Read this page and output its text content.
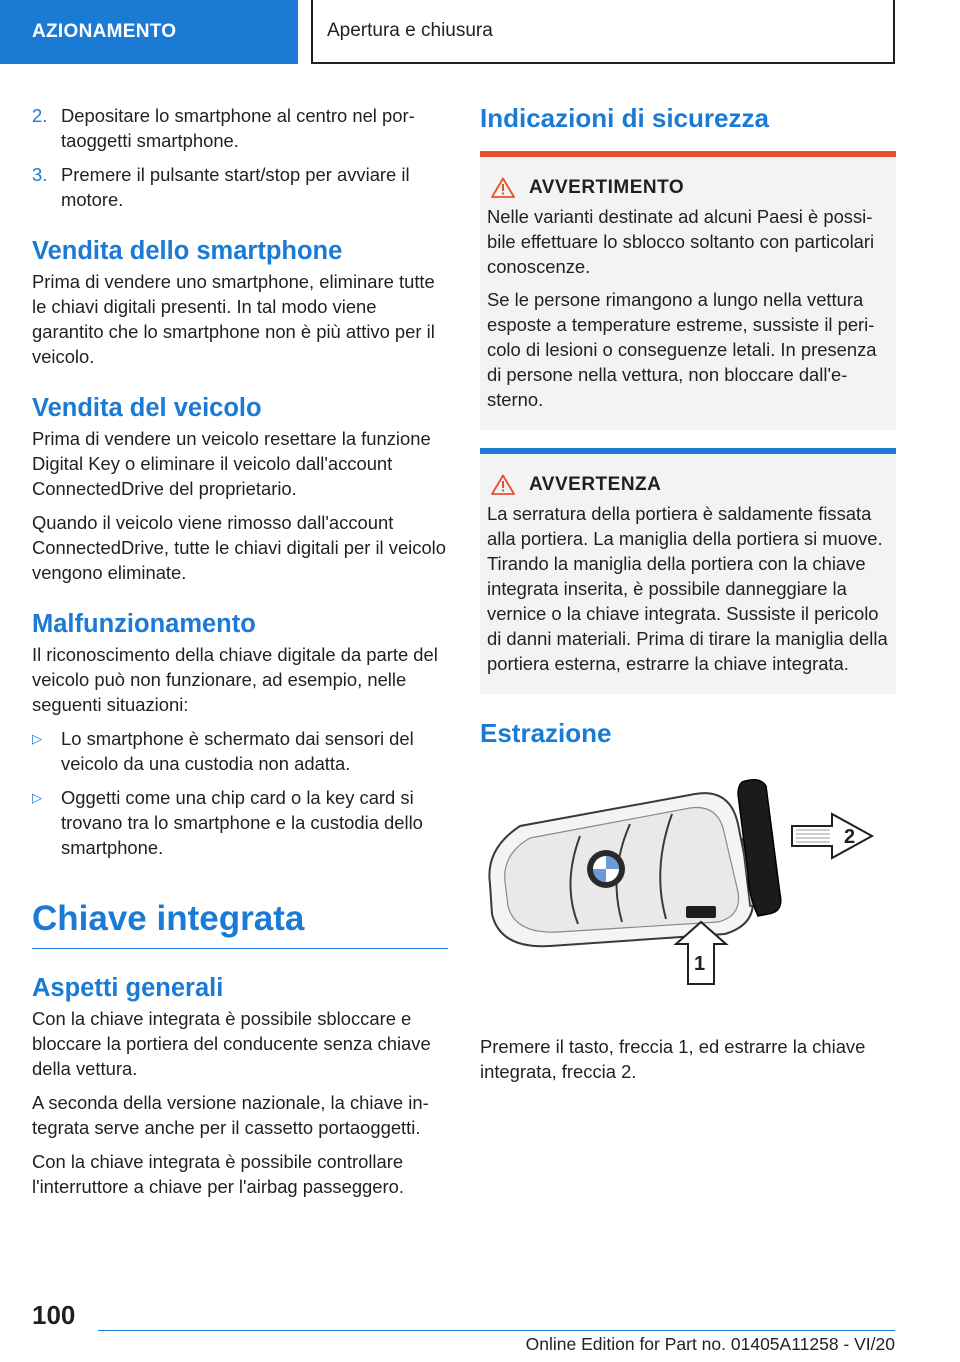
AZIONAMENTO	Apertura e chiusura
2. Depositare lo smartphone al centro nel portaoggetti smartphone.
3. Premere il pulsante start/stop per avviare il motore.
Vendita dello smartphone

Prima di vendere uno smartphone, eliminare tutte le chiavi digitali presenti. In tal modo viene garantito che lo smartphone non è più attivo per il veicolo.

Vendita del veicolo

Prima di vendere un veicolo resettare la funzione Digital Key o eliminare il veicolo dall'account ConnectedDrive del proprietario.

Quando il veicolo viene rimosso dall'account ConnectedDrive, tutte le chiavi digitali per il veicolo vengono eliminate.

Malfunzionamento

Il riconoscimento della chiave digitale da parte del veicolo può non funzionare, ad esempio, nelle seguenti situazioni:

▷	Lo smartphone è schermato dai sensori del veicolo da una custodia non adatta.
▷	Oggetti come una chip card o la key card si trovano tra lo smartphone e la custodia dello smartphone.
Chiave integrata
Aspetti generali

Con la chiave integrata è possibile sbloccare e bloccare la portiera del conducente senza chiave della vettura.

A seconda della versione nazionale, la chiave integrata serve anche per il cassetto portaoggetti.

Con la chiave integrata è possibile controllare l'interruttore a chiave per l'airbag passeggero.

Indicazioni di sicurezza
AVVERTIMENTO

Nelle varianti destinate ad alcuni Paesi è possibile effettuare lo sblocco soltanto con particolari conoscenze.

Se le persone rimangono a lungo nella vettura esposte a temperature estreme, sussiste il pericolo di lesioni o conseguenze letali. In presenza di persone nella vettura, non bloccare dall'esterno.

AVVERTENZA

La serratura della portiera è saldamente fissata alla portiera. La maniglia della portiera si muove. Tirando la maniglia della portiera con la chiave integrata inserita, è possibile danneggiare la vernice o la chiave integrata. Sussiste il pericolo di danni materiali. Prima di tirare la maniglia della portiera esterna, estrarre la chiave integrata.

Estrazione
2
1

Premere il tasto, freccia 1, ed estrarre la chiave integrata, freccia 2.

100
Online Edition for Part no. 01405A11258 - VI/20
